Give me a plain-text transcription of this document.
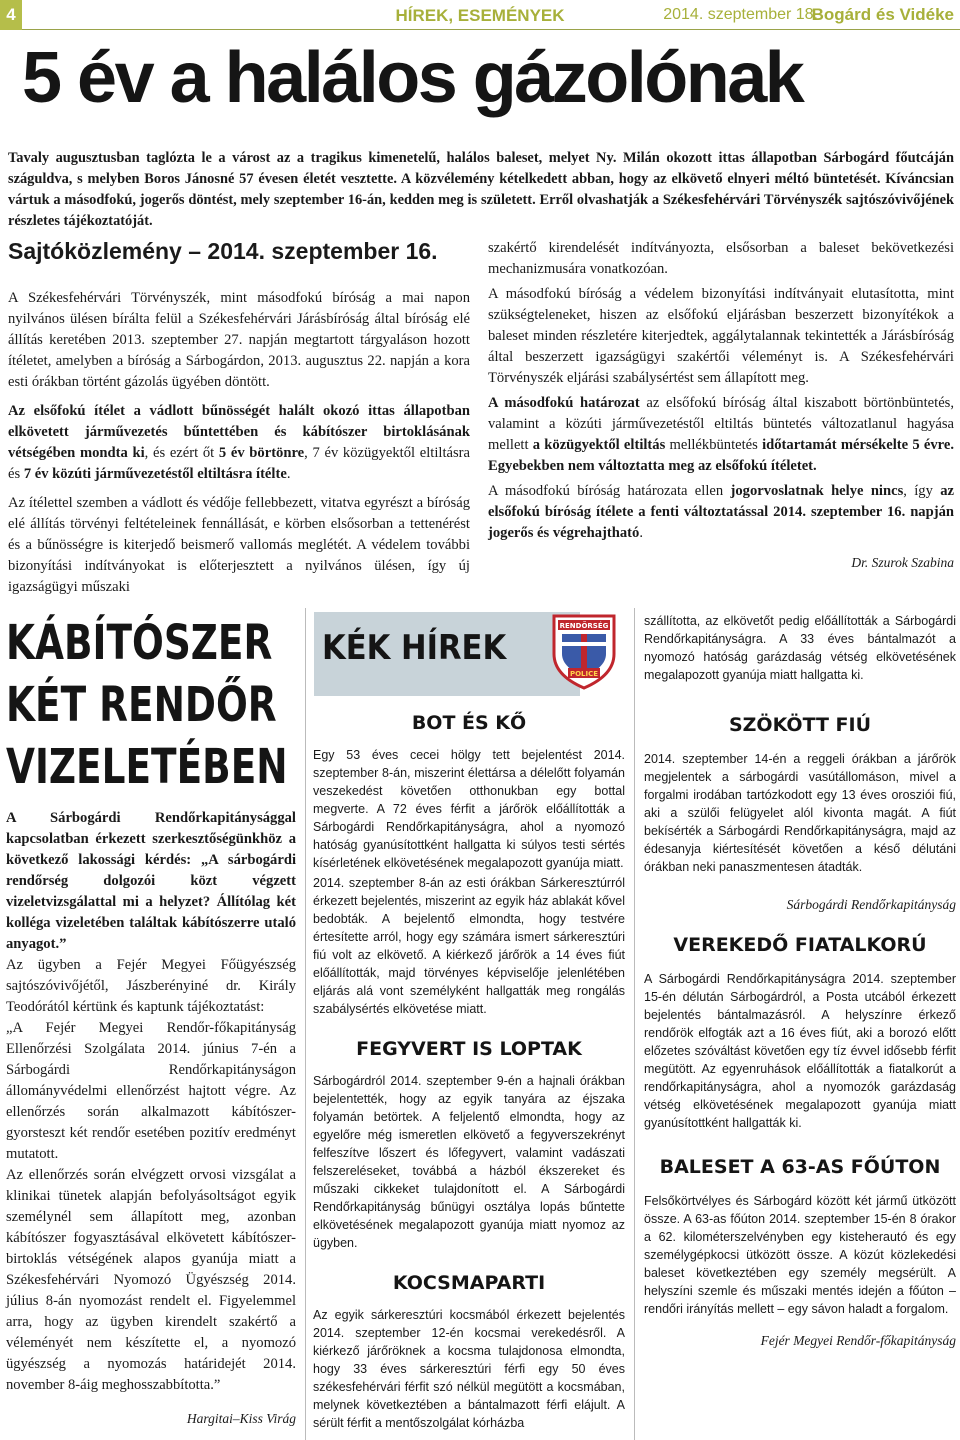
4	HÍREK, ESEMÉNYEK	2014. szeptember 18.
Bogárd és Vidéke
5 év a halálos gázolónak

Tavaly augusztusban taglózta le a várost az a tragikus kimenetelű, halálos baleset, melyet Ny. Milán okozott ittas állapotban Sárbogárd főutcáján száguldva, s melyben Boros Jánosné 57 évesen életét vesztette. A közvélemény kételkedett abban, hogy az elkövető elnyeri méltó büntetését. Kíváncsian vártuk a másodfokú, jogerős döntést, mely szeptember 16-án, kedden meg is született. Erről olvashatják a Székesfehérvári Törvényszék sajtószóvivőjének részletes tájékoztatóját.

Sajtóközlemény – 2014. szeptember 16.

A Székesfehérvári Törvényszék, mint másodfokú bíróság a mai napon nyilvános ülésen bírálta felül a Székesfehérvári Járásbíróság által bíróság elé állítás keretében 2013. szeptember 27. napján megtartott tárgyaláson hozott ítéletet, amelyben a bíróság a Sárbogárdon, 2013. augusztus 22. napján a kora esti órákban történt gázolás ügyében döntött.

Az elsőfokú ítélet a vádlott bűnösségét halált okozó ittas állapotban elkövetett járművezetés bűntettében és kábítószer birtoklásának vétségében mondta ki, és ezért őt 5 év börtönre, 7 év közügyektől eltiltásra és 7 év közúti járművezetéstől eltiltásra ítélte.

Az ítélettel szemben a vádlott és védője fellebbezett, vitatva egyrészt a bíróság elé állítás törvényi feltételeinek fennállását, e körben elsősorban a tettenérést és a bűnösségre is kiterjedő beismerő vallomás meglétét. A védelem további bizonyítási indítványokat is előterjesztett a nyilvános ülésen, így új igazságügyi műszaki

szakértő kirendelését indítványozta, elsősorban a baleset bekövetkezési mechanizmusára vonatkozóan.

A másodfokú bíróság a védelem bizonyítási indítványait elutasította, mint szükségteleneket, hiszen az elsőfokú eljárásban beszerzett bizonyítékok a baleset minden részletére kiterjedtek, aggálytalannak tekintették a Járásbíróság által beszerzett igazságügyi szakértői véleményt is. A Székesfehérvári Törvényszék eljárási szabálysértést sem állapított meg.

A másodfokú határozat az elsőfokú bíróság által kiszabott börtönbüntetés, valamint a közúti járművezetéstől eltiltás büntetés változatlanul hagyása mellett a közügyektől eltiltás mellékbüntetés időtartamát mérsékelte 5 évre. Egyebekben nem változtatta meg az elsőfokú ítéletet.

A másodfokú bíróság határozata ellen jogorvoslatnak helye nincs, így az elsőfokú bíróság ítélete a fenti változtatással 2014. szeptember 16. napján jogerős és végrehajtható.

Dr. Szurok Szabina
KÁBÍTÓSZER
KÉT RENDŐR
VIZELETÉBEN

A Sárbogárdi Rendőrkapitánysággal kapcsolatban érkezett szerkesztőségünkhöz a következő lakossági kérdés: „A sárbogárdi rendőrség dolgozói közt végzett vizeletvizsgálattal mi a helyzet? Állítólag két kolléga vizeletében találtak kábítószerre utaló anyagot.”

Az ügyben a Fejér Megyei Főügyészség sajtószóvivőjétől, Jászberényiné dr. Király Teodórától kértünk és kaptunk tájékoztatást:

„A Fejér Megyei Rendőr-főkapitányság Ellenőrzési Szolgálata 2014. június 7-én a Sárbogárdi Rendőrkapitányságon állományvédelmi ellenőrzést hajtott végre. Az ellenőrzés során alkalmazott kábítószer-gyorsteszt két rendőr esetében pozitív eredményt mutatott.

Az ellenőrzés során elvégzett orvosi vizsgálat a klinikai tünetek alapján befolyásoltságot egyik személynél sem állapított meg, azonban kábítószer fogyasztásával elkövetett kábítószer-birtoklás vétségének alapos gyanúja miatt a Székesfehérvári Nyomozó Ügyészség 2014. július 8-án nyomozást rendelt el. Figyelemmel arra, hogy az ügyben kirendelt szakértő a véleményét nem készítette el, a nyomozó ügyészség a nyomozás határidejét 2014. november 8-áig meghosszabbította.”

Hargitai–Kiss Virág
KÉK HÍREK
RENDŐRSÉG
POLICE
BOT ÉS KŐ

Egy 53 éves cecei hölgy tett bejelentést 2014. szeptember 8-án, miszerint élettársa a délelőtt folyamán veszekedést követően otthonukban egy bottal megverte. A 72 éves férfit a járőrök előállították a Sárbogárdi Rendőrkapitányságra, ahol a nyomozó hatóság gyanúsítottként hallgatta ki súlyos testi sértés kísérletének elkövetésének megalapozott gyanúja miatt.

2014. szeptember 8-án az esti órákban Sárkeresztúrról érkezett bejelentés, miszerint az egyik ház ablakát kővel bedobták. A bejelentő elmondta, hogy testvére értesítette arról, hogy egy számára ismert sárkeresztúri fiú volt az elkövető. A kiérkező járőrök a 14 éves fiút előállították, majd törvényes képviselője jelenlétében eljárás alá vont személyként hallgatták meg rongálás szabálysértés elkövetése miatt.

FEGYVERT IS LOPTAK
Sárbogárdról 2014. szeptember 9-én a hajnali órákban bejelentették, hogy az egyik tanyára az éjszaka folyamán betörtek. A feljelentő elmondta, hogy az egyelőre még ismeretlen elkövető a fegyverszekrényt felfeszítve lőszert és lőfegyvert, valamint vadászati felszereléseket, továbbá a házból ékszereket és műszaki cikkeket tulajdonított el. A Sárbogárdi Rendőrkapitányság bűnügyi osztálya lopás bűntette elkövetésének megalapozott gyanúja miatt nyomoz az ügyben.
KOCSMAPARTI
Az egyik sárkeresztúri kocsmából érkezett bejelentés 2014. szeptember 12-én kocsmai verekedésről. A kiérkező járőröknek a kocsma tulajdonosa elmondta, hogy 33 éves sárkeresztúri férfi egy 50 éves székesfehérvári férfit szó nélkül megütött a kocsmában, melynek következtében a bántalmazott férfi elájult. A sérült férfit a mentőszolgálat kórházba
szállította, az elkövetőt pedig előállították a Sárbogárdi Rendőrkapitányságra. A 33 éves bántalmazót a nyomozó hatóság garázdaság vétség elkövetésének megalapozott gyanúja miatt hallgatta ki.
SZÖKÖTT FIÚ
2014. szeptember 14-én a reggeli órákban a járőrök megjelentek a sárbogárdi vasútállomáson, mivel a forgalmi irodában tartózkodott egy 13 éves orosziói fiú, aki a szülői felügyelet alól kivonta magát. A fiút bekísérték a Sárbogárdi Rendőrkapitányságra, majd az édesanyja kiértesítését követően a késő délutáni órákban neki panaszmentesen átadták.
Sárbogárdi Rendőrkapitányság
VEREKEDŐ FIATALKORÚ
A Sárbogárdi Rendőrkapitányságra 2014. szeptember 15-én délután Sárbogárdról, a Posta utcából érkezett bejelentés bántalmazásról. A helyszínre érkező rendőrök elfogták azt a 16 éves fiút, aki a borozó előtt előzetes szóváltást követően egy tíz évvel idősebb férfit megütött. Az egyenruhások előállították a fiatalkorút a rendőrkapitányságra, ahol a nyomozók garázdaság vétség elkövetésének megalapozott gyanúja miatt gyanúsítottként hallgatták ki.
BALESET A 63-AS FŐÚTON
Felsőkörtvélyes és Sárbogárd között két jármű ütközött össze. A 63-as főúton 2014. szeptember 15-én 8 órakor a 62. kilométerszelvényben egy kisteherautó és egy személygépkocsi ütközött össze. A közút közlekedési baleset következtében egy személy megsérült. A helyszíni szemle és műszaki mentés idején a főúton – rendőri irányítás mellett – egy sávon haladt a forgalom.
Fejér Megyei Rendőr-főkapitányság
